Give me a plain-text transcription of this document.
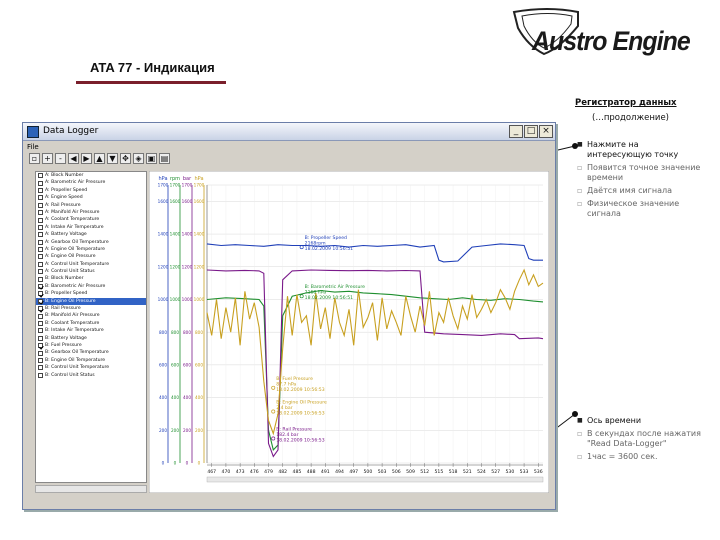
Austro Engine
ATA 77 - Индикация
Регистратор данных
(…продолжение)
■ Нажмите на интересующую точку
▫ Появится точное значение времени
▫ Даётся имя сигнала
▫ Физическое значение сигнала
■ Ось времени
▫ В секундах после нажатия "Read Data-Logger"
▫ 1час = 3600 сек.
Data Logger	_ □ ×
File
▫ +	-	◀ ▶ ▲ ▼ ✥ ◈ ▣ ▤
A: Block Number
A: Barometric Air Pressure
A: Propeller Speed
A: Engine Speed
A: Rail Pressure
A: Manifold Air Pressure
A: Coolant Temperature
A: Intake Air Temperature
A: Battery Voltage
A: Gearbox Oil Temperature
A: Engine Oil Temperature
A: Engine Oil Pressure
A: Control Unit Temperature
A: Control Unit Status
B: Block Number
B: Barometric Air Pressure
B: Propeller Speed
B: Engine Oil Pressure
B: Rail Pressure
B: Manifold Air Pressure
B: Coolant Temperature
B: Intake Air Temperature
B: Battery Voltage
B: Fuel Pressure
B: Gearbox Oil Temperature
B: Engine Oil Temperature
B: Control Unit Temperature
B: Control Unit Status
hPa rpm bar hPa
0 0 0 0
200 200 200 200
400 400 400 400
600 600 600 600
800 800 800 800
1000 1000 1000 1000
1200 1200 1200 1200
1400 1400 1400 1400
1600 1600 1600 1600
1700 1700 1700 1700
B: Propeller Speed
2168rpm
18.02.2009 10:56:51
B: Barometric Air Pressure
2168 hPa
18.02.2009 10:56:51
B: Fuel Pressure
87.7 hPa
18.02.2009 10:56:53
B: Engine Oil Pressure
2.4 bar
18.02.2009 10:56:53
B: Rail Pressure
182.4 bar
18.02.2009 10:56:53
467 470 473 476 479 482 485 488 491 494 497 500 503 506 509 512 515 518 521 524 527 530 533 536
